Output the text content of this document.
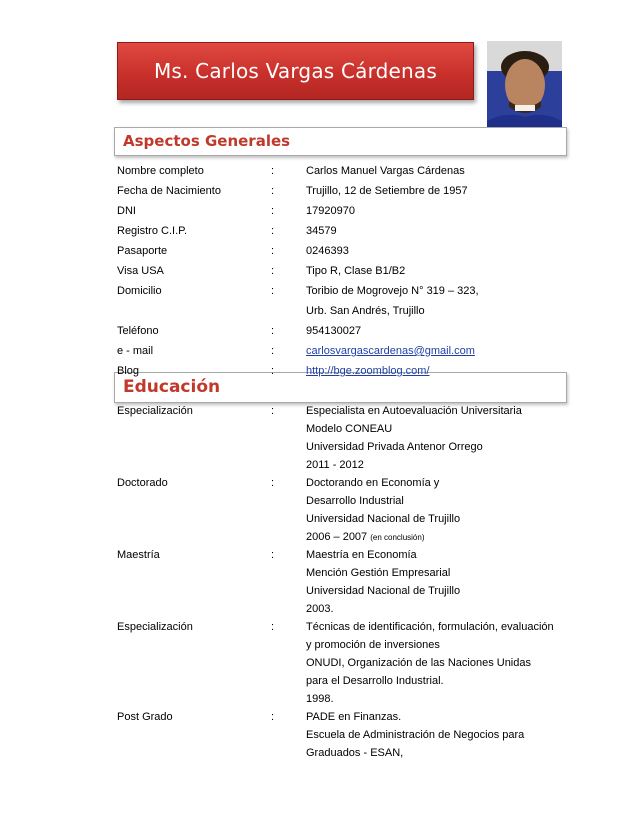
Ms. Carlos Vargas Cárdenas
Aspectos Generales
Educación
Nombre completo	:	Carlos Manuel Vargas Cárdenas
Fecha de Nacimiento	:	Trujillo, 12 de Setiembre de 1957
DNI	:	17920970
Registro C.I.P.	:	34579
Pasaporte	:	0246393
Visa USA	:	Tipo R, Clase B1/B2
Domicilio	:	Toribio de Mogrovejo N° 319 – 323,
Urb. San Andrés, Trujillo
Teléfono	:	954130027
e - mail	:	carlosvargascardenas@gmail.com
Blog	:	http://bge.zoomblog.com/
Especialización	:	Especialista en Autoevaluación Universitaria
Modelo CONEAU
Universidad Privada Antenor Orrego
2011 - 2012
Doctorado	:	Doctorando en Economía y
Desarrollo Industrial
Universidad Nacional de Trujillo
2006 – 2007 (en conclusión)
Maestría	:	Maestría en Economía
Mención Gestión Empresarial
Universidad Nacional de Trujillo
2003.
Especialización	:	Técnicas de identificación, formulación, evaluación
y promoción de inversiones
ONUDI, Organización de las Naciones Unidas
para el Desarrollo Industrial.
1998.
Post Grado	:	PADE en Finanzas.
Escuela de Administración de Negocios para
Graduados - ESAN,
